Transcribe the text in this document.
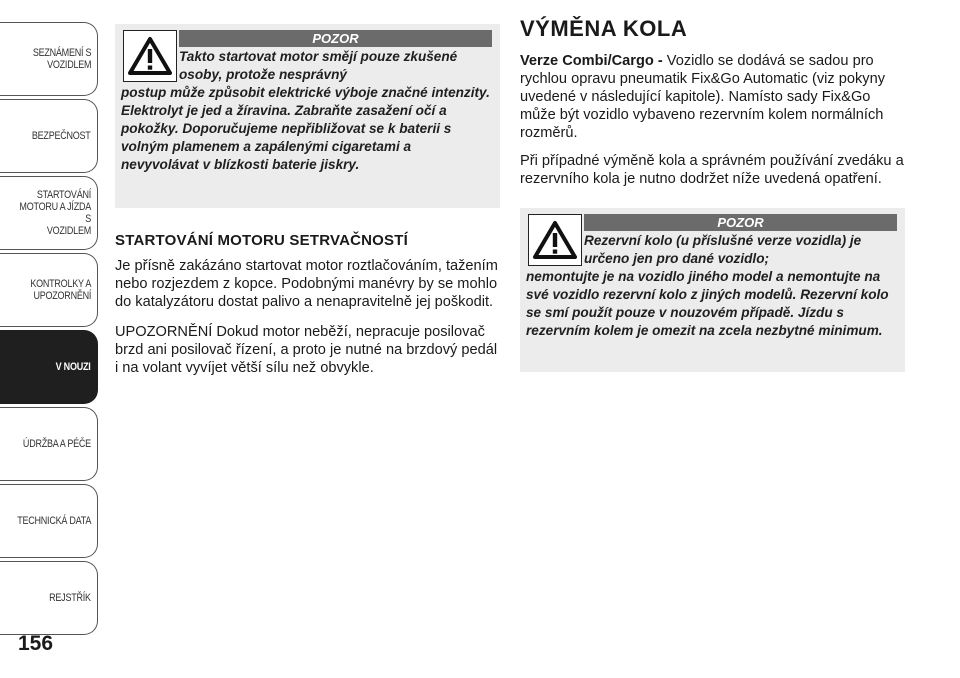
SEZNÁMENÍ S
VOZIDLEM
BEZPEČNOST
STARTOVÁNÍ
MOTORU A JÍZDA S
VOZIDLEM
KONTROLKY A
UPOZORNĚNÍ
V NOUZI
ÚDRŽBA A PÉČE
TECHNICKÁ DATA
REJSTŘÍK
156
POZOR
Takto startovat motor smějí pouze zkušené osoby, protože nesprávný
postup může způsobit elektrické výboje značné intenzity. Elektrolyt je jed a žíravina. Zabraňte zasažení očí a pokožky. Doporučujeme nepřibližovat se k baterii s volným plamenem a zapálenými cigaretami a nevyvolávat v blízkosti baterie jiskry.
STARTOVÁNÍ MOTORU SETRVAČNOSTÍ

Je přísně zakázáno startovat motor roztlačováním, tažením nebo rozjezdem z kopce. Podobnými manévry by se mohlo do katalyzátoru dostat palivo a nenapravitelně jej poškodit.

UPOZORNĚNÍ Dokud motor neběží, nepracuje posilovač brzd ani posilovač řízení, a proto je nutné na brzdový pedál i na volant vyvíjet větší sílu než obvykle.

VÝMĚNA KOLA

Verze Combi/Cargo - Vozidlo se dodává se sadou pro rychlou opravu pneumatik Fix&Go Automatic (viz pokyny uvedené v následující kapitole). Namísto sady Fix&Go může být vozidlo vybaveno rezervním kolem normálních rozměrů.

Při případné výměně kola a správném používání zvedáku a rezervního kola je nutno dodržet níže uvedená opatření.

POZOR
Rezervní kolo (u příslušné verze vozidla) je určeno jen pro dané vozidlo;
nemontujte je na vozidlo jiného model a nemontujte na své vozidlo rezervní kolo z jiných modelů. Rezervní kolo se smí použít pouze v nouzovém případě. Jízdu s rezervním kolem je omezit na zcela nezbytné minimum.
